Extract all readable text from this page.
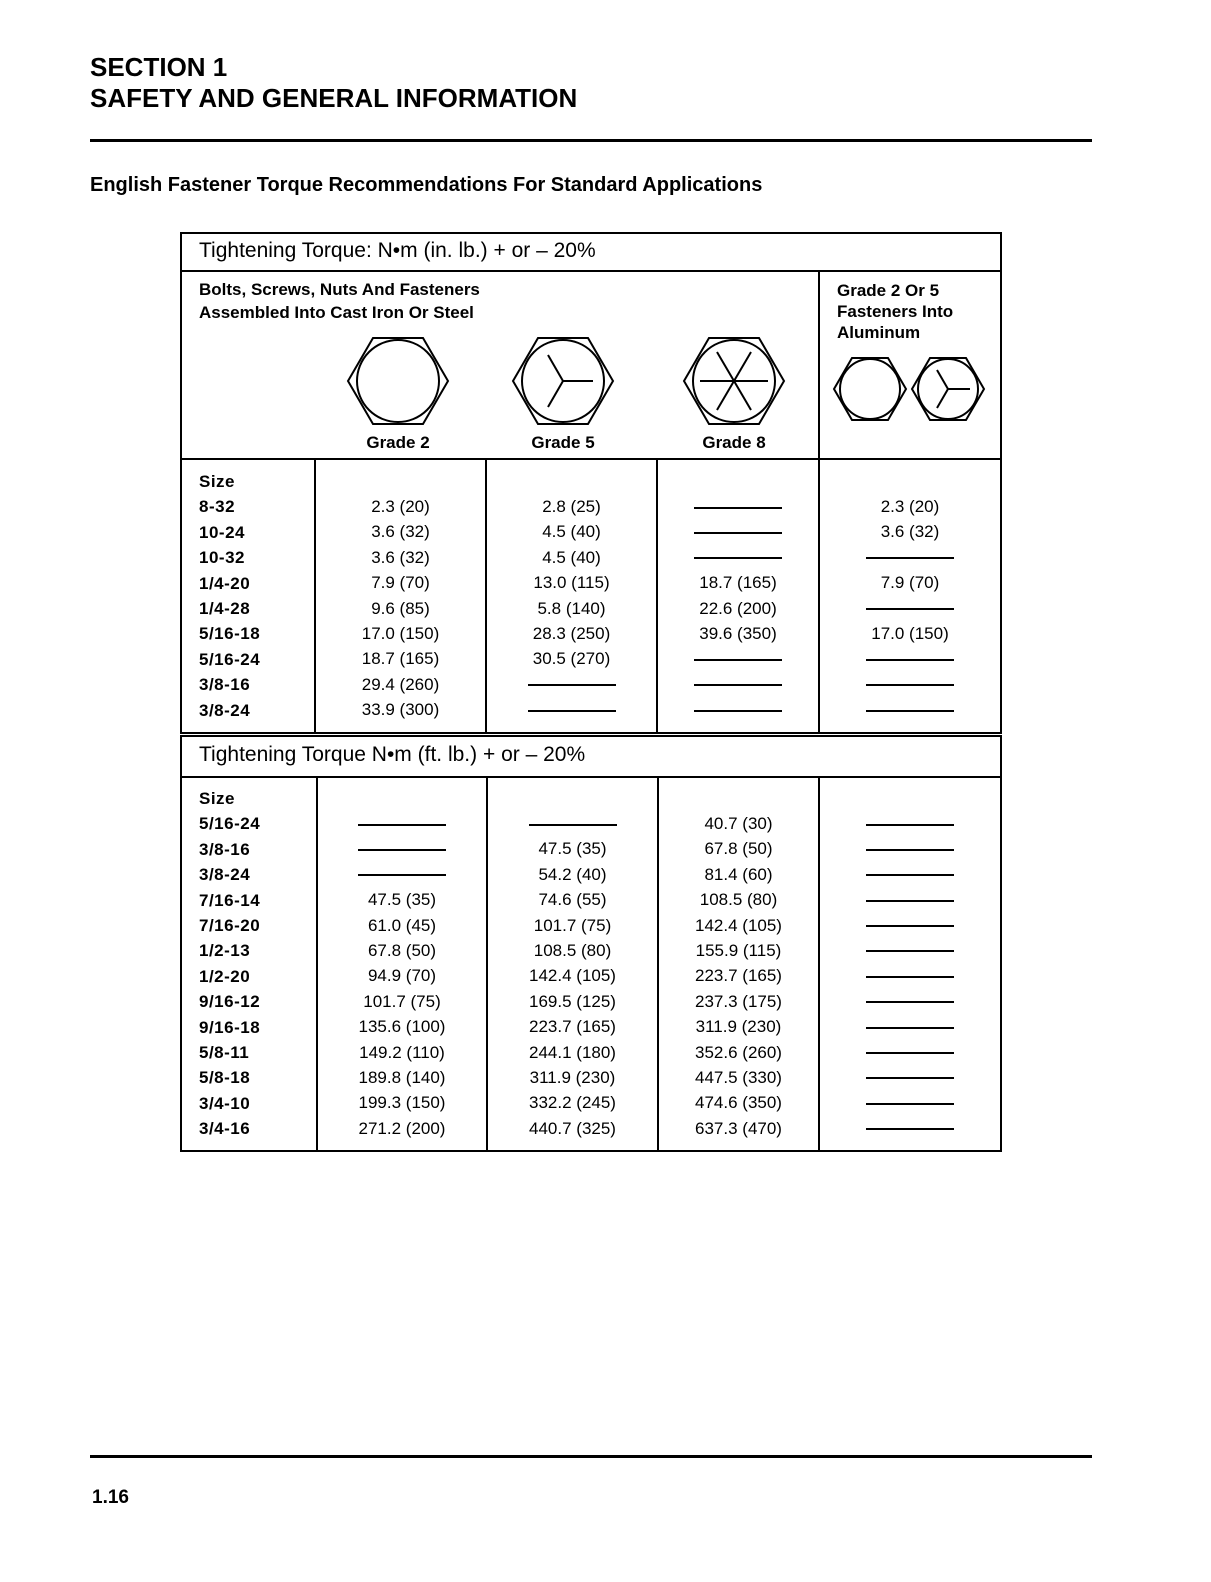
SECTION 1
SAFETY AND GENERAL INFORMATION
English Fastener Torque Recommendations For Standard Applications
Tightening Torque: N•m (in. lb.) + or – 20%
Bolts, Screws, Nuts And Fasteners
Assembled Into Cast Iron Or Steel
Grade 2 Or 5
Fasteners Into
Aluminum
Grade 2	Grade 5	Grade 8
Size
8-32
10-24
10-32
1/4-20
1/4-28
5/16-18
5/16-24
3/8-16
3/8-24
2.3 (20)
3.6 (32)
3.6 (32)
7.9 (70)
9.6 (85)
17.0 (150)
18.7 (165)
29.4 (260)
33.9 (300)
2.8 (25)
4.5 (40)
4.5 (40)
13.0 (115)
5.8 (140)
28.3 (250)
30.5 (270)
18.7 (165)
22.6 (200)
39.6 (350)
2.3 (20)
3.6 (32)
7.9 (70)
17.0 (150)
Tightening Torque N•m (ft. lb.) + or – 20%
Size
5/16-24
3/8-16
3/8-24
7/16-14
7/16-20
1/2-13
1/2-20
9/16-12
9/16-18
5/8-11
5/8-18
3/4-10
3/4-16
47.5 (35)
61.0 (45)
67.8 (50)
94.9 (70)
101.7 (75)
135.6 (100)
149.2 (110)
189.8 (140)
199.3 (150)
271.2 (200)
47.5 (35)
54.2 (40)
74.6 (55)
101.7 (75)
108.5 (80)
142.4 (105)
169.5 (125)
223.7 (165)
244.1 (180)
311.9 (230)
332.2 (245)
440.7 (325)
40.7 (30)
67.8 (50)
81.4 (60)
108.5 (80)
142.4 (105)
155.9 (115)
223.7 (165)
237.3 (175)
311.9 (230)
352.6 (260)
447.5 (330)
474.6 (350)
637.3 (470)
1.16
